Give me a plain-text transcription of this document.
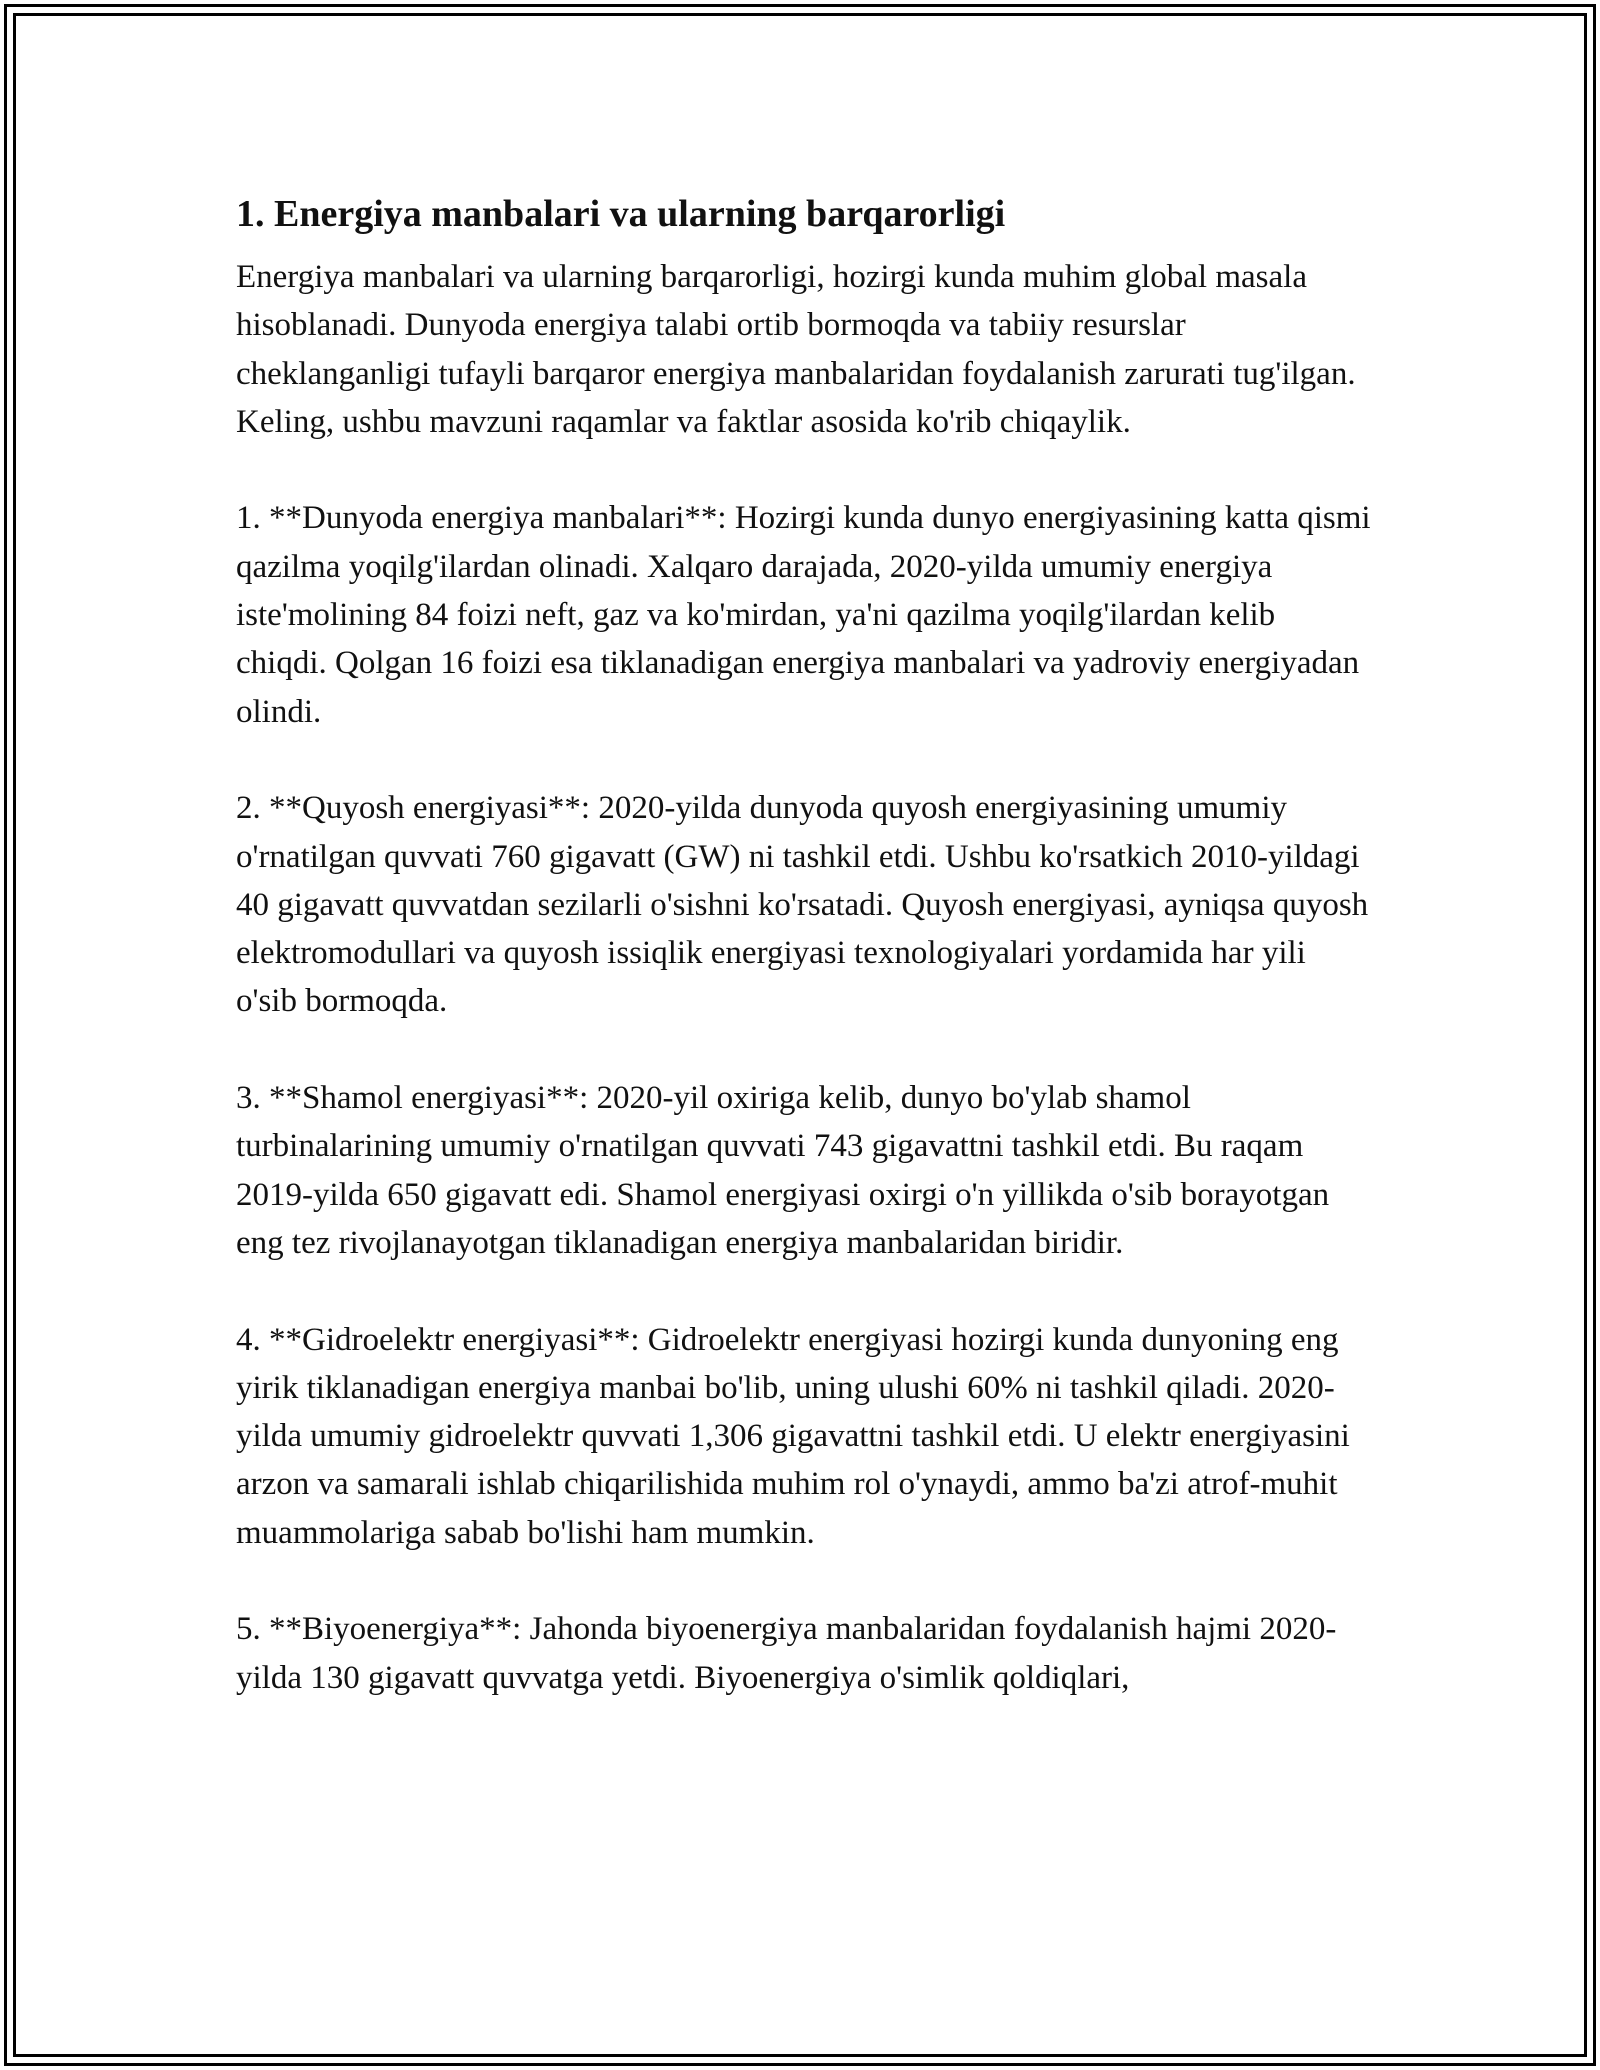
1. Energiya manbalari va ularning barqarorligi

Energiya manbalari va ularning barqarorligi, hozirgi kunda muhim global masala hisoblanadi. Dunyoda energiya talabi ortib bormoqda va tabiiy resurslar cheklanganligi tufayli barqaror energiya manbalaridan foydalanish zarurati tug'ilgan. Keling, ushbu mavzuni raqamlar va faktlar asosida ko'rib chiqaylik.

1. **Dunyoda energiya manbalari**: Hozirgi kunda dunyo energiyasining katta qismi qazilma yoqilg'ilardan olinadi. Xalqaro darajada, 2020-yilda umumiy energiya iste'molining 84 foizi neft, gaz va ko'mirdan, ya'ni qazilma yoqilg'ilardan kelib chiqdi. Qolgan 16 foizi esa tiklanadigan energiya manbalari va yadroviy energiyadan olindi.

2. **Quyosh energiyasi**: 2020-yilda dunyoda quyosh energiyasining umumiy o'rnatilgan quvvati 760 gigavatt (GW) ni tashkil etdi. Ushbu ko'rsatkich 2010-yildagi 40 gigavatt quvvatdan sezilarli o'sishni ko'rsatadi. Quyosh energiyasi, ayniqsa quyosh elektromodullari va quyosh issiqlik energiyasi texnologiyalari yordamida har yili o'sib bormoqda.

3. **Shamol energiyasi**: 2020-yil oxiriga kelib, dunyo bo'ylab shamol turbinalarining umumiy o'rnatilgan quvvati 743 gigavattni tashkil etdi. Bu raqam 2019-yilda 650 gigavatt edi. Shamol energiyasi oxirgi o'n yillikda o'sib borayotgan eng tez rivojlanayotgan tiklanadigan energiya manbalaridan biridir.

4. **Gidroelektr energiyasi**: Gidroelektr energiyasi hozirgi kunda dunyoning eng yirik tiklanadigan energiya manbai bo'lib, uning ulushi 60% ni tashkil qiladi. 2020-yilda umumiy gidroelektr quvvati 1,306 gigavattni tashkil etdi. U elektr energiyasini arzon va samarali ishlab chiqarilishida muhim rol o'ynaydi, ammo ba'zi atrof-muhit muammolariga sabab bo'lishi ham mumkin.

5. **Biyoenergiya**: Jahonda biyoenergiya manbalaridan foydalanish hajmi 2020-yilda 130 gigavatt quvvatga yetdi. Biyoenergiya o'simlik qoldiqlari,
